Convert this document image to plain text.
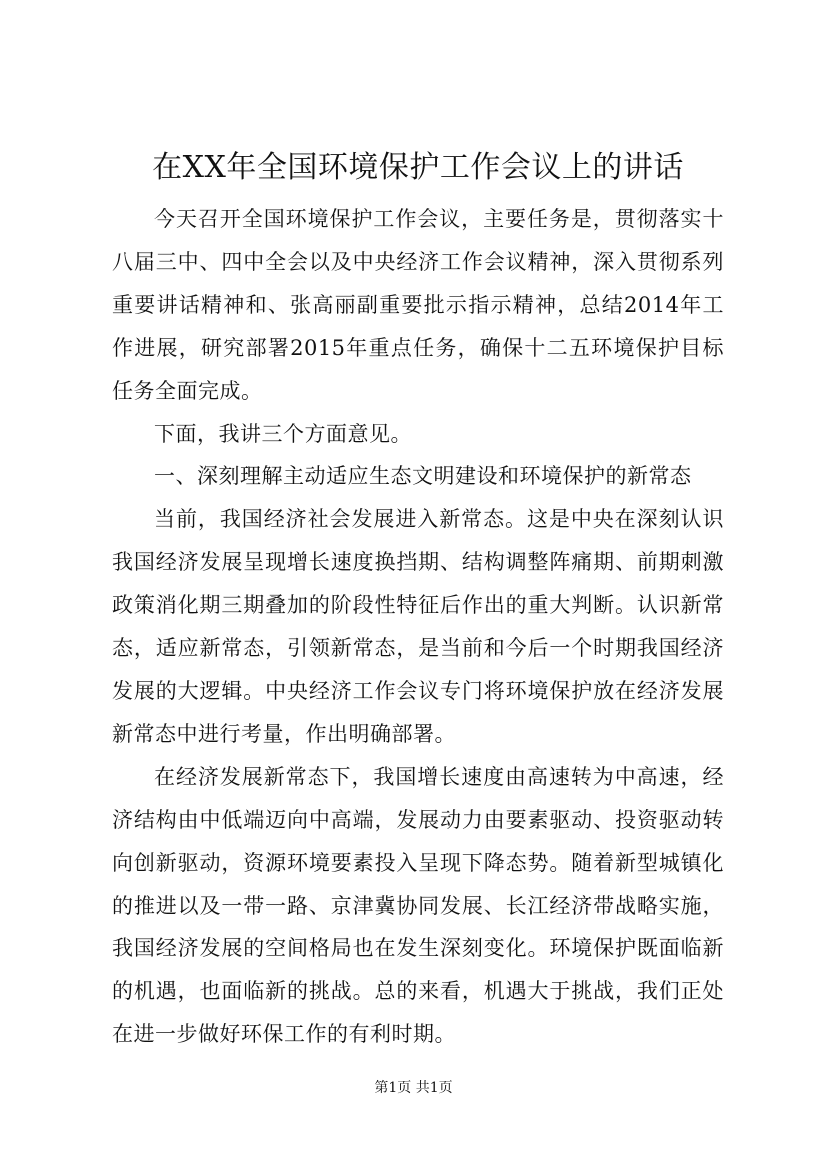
在XX年全国环境保护工作会议上的讲话

今天召开全国环境保护工作会议，主要任务是，贯彻落实十八届三中、四中全会以及中央经济工作会议精神，深入贯彻系列重要讲话精神和、张高丽副重要批示指示精神，总结2014年工作进展，研究部署2015年重点任务，确保十二五环境保护目标任务全面完成。

下面，我讲三个方面意见。

一、深刻理解主动适应生态文明建设和环境保护的新常态

当前，我国经济社会发展进入新常态。这是中央在深刻认识我国经济发展呈现增长速度换挡期、结构调整阵痛期、前期刺激政策消化期三期叠加的阶段性特征后作出的重大判断。认识新常态，适应新常态，引领新常态，是当前和今后一个时期我国经济发展的大逻辑。中央经济工作会议专门将环境保护放在经济发展新常态中进行考量，作出明确部署。

在经济发展新常态下，我国增长速度由高速转为中高速，经济结构由中低端迈向中高端，发展动力由要素驱动、投资驱动转向创新驱动，资源环境要素投入呈现下降态势。随着新型城镇化的推进以及一带一路、京津冀协同发展、长江经济带战略实施，我国经济发展的空间格局也在发生深刻变化。环境保护既面临新的机遇，也面临新的挑战。总的来看，机遇大于挑战，我们正处在进一步做好环保工作的有利时期。

第1页 共1页
